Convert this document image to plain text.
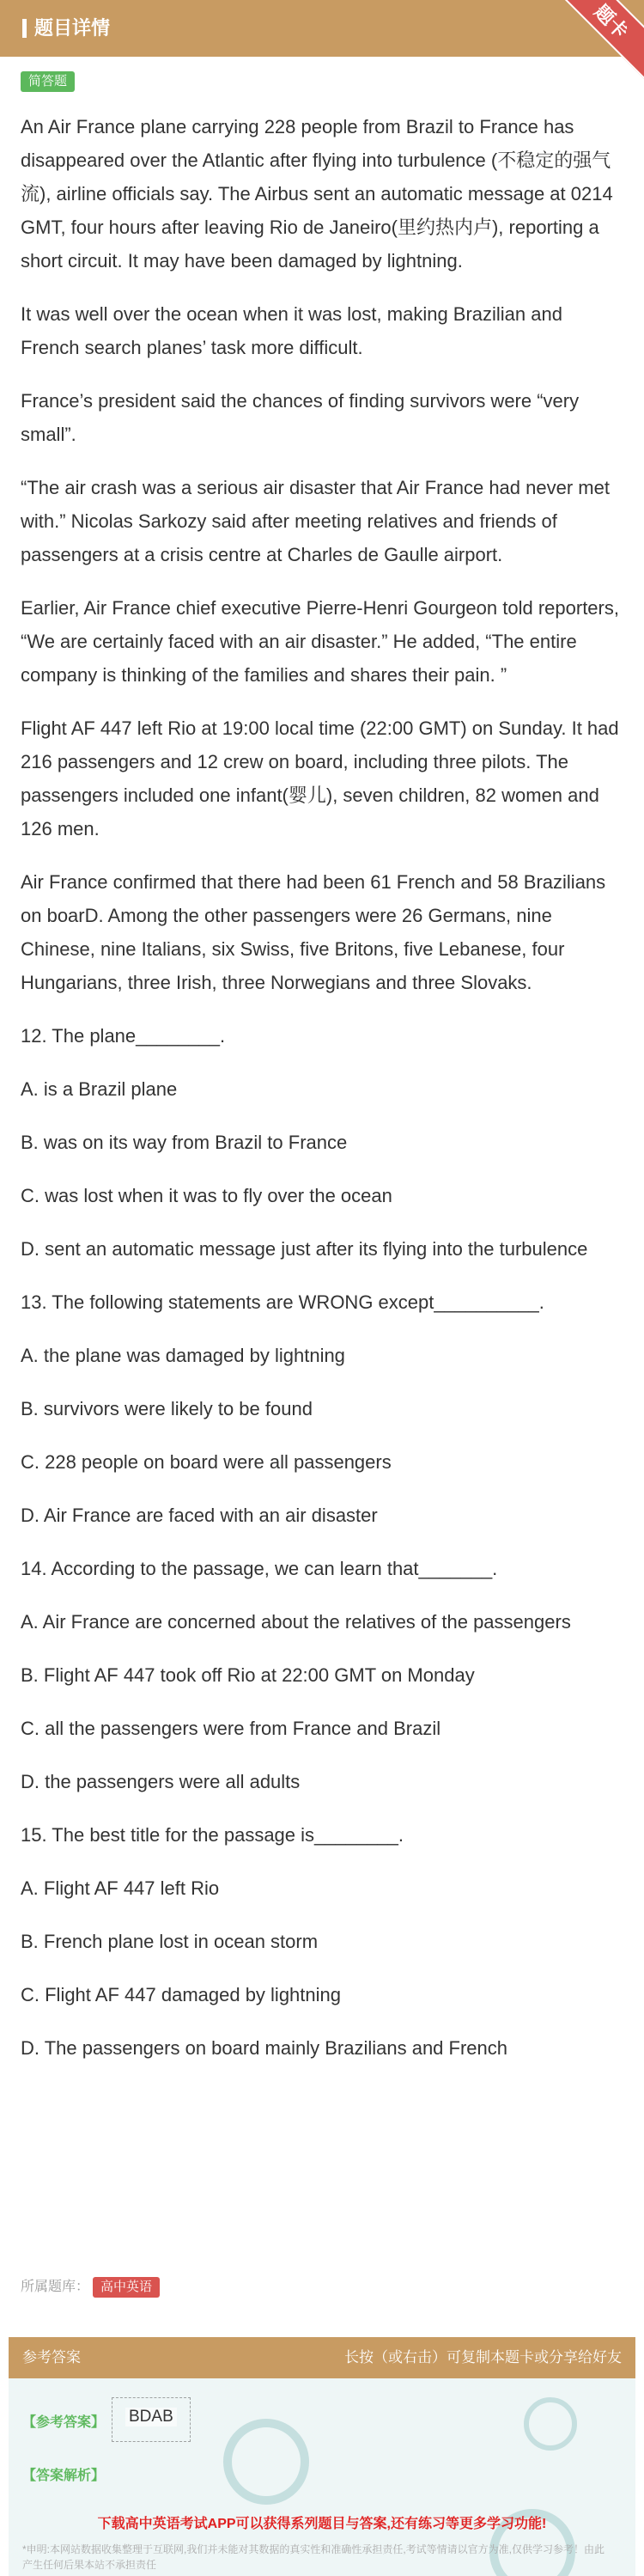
题目详情	题卡
简答题

An Air France plane carrying 228 people from Brazil to France has disappeared over the Atlantic after flying into turbulence (不稳定的强气流), airline officials say. The Airbus sent an automatic message at 0214 GMT, four hours after leaving Rio de Janeiro(里约热内卢), reporting a short circuit. It may have been damaged by lightning.

It was well over the ocean when it was lost, making Brazilian and French search planes’ task more difficult.

France’s president said the chances of finding survivors were “very small”.

“The air crash was a serious air disaster that Air France had never met with.” Nicolas Sarkozy said after meeting relatives and friends of passengers at a crisis centre at Charles de Gaulle airport.

Earlier, Air France chief executive Pierre-Henri Gourgeon told reporters, “We are certainly faced with an air disaster.” He added, “The entire company is thinking of the families and shares their pain. ”

Flight AF 447 left Rio at 19:00 local time (22:00 GMT) on Sunday. It had 216 passengers and 12 crew on board, including three pilots. The passengers included one infant(婴儿), seven children, 82 women and 126 men.

Air France confirmed that there had been 61 French and 58 Brazilians on boarD. Among the other passengers were 26 Germans, nine Chinese, nine Italians, six Swiss, five Britons, five Lebanese, four Hungarians, three Irish, three Norwegians and three Slovaks.

12. The plane________.

A. is a Brazil plane

B. was on its way from Brazil to France

C. was lost when it was to fly over the ocean

D. sent an automatic message just after its flying into the turbulence

13. The following statements are WRONG except__________.

A. the plane was damaged by lightning

B. survivors were likely to be found

C. 228 people on board were all passengers

D. Air France are faced with an air disaster

14. According to the passage, we can learn that_______.

A. Air France are concerned about the relatives of the passengers

B. Flight AF 447 took off Rio at 22:00 GMT on Monday

C. all the passengers were from France and Brazil

D. the passengers were all adults

15. The best title for the passage is________.

A. Flight AF 447 left Rio

B. French plane lost in ocean storm

C. Flight AF 447 damaged by lightning

D. The passengers on board mainly Brazilians and French

所属题库： 高中英语
参考答案	长按（或右击）可复制本题卡或分享给好友
【参考答案】 BDAB
【答案解析】
下载高中英语考试APP可以获得系列题目与答案,还有练习等更多学习功能!
*申明:本网站数据收集整理于互联网,我们并未能对其数据的真实性和准确性承担责任,考试等情请以官方为准,仅供学习参考！由此产生任何后果本站不承担责任
